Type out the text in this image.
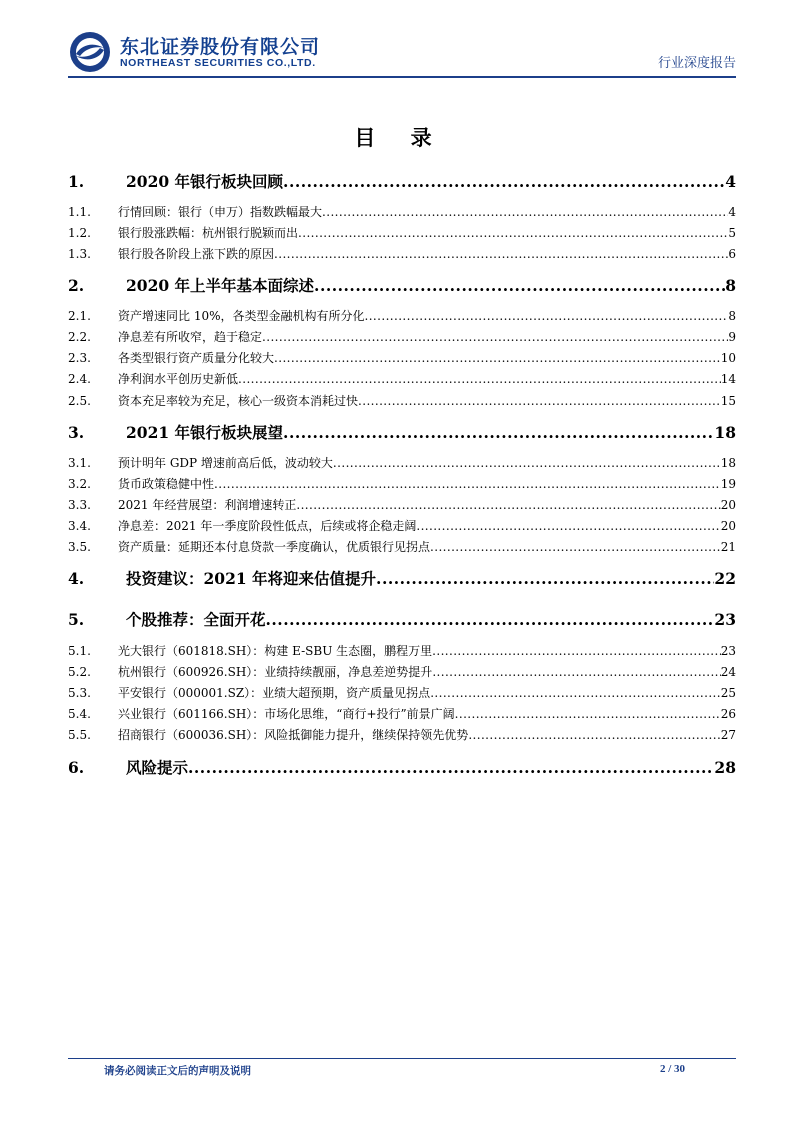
东北证券股份有限公司
NORTHEAST SECURITIES CO.,LTD.	行业深度报告
目 录
1.	2020 年银行板块回顾 .....	4
1.1.	行情回顾：银行（申万）指数跌幅最大 .....	4
1.2.	银行股涨跌幅：杭州银行脱颖而出 .....	5
1.3.	银行股各阶段上涨下跌的原因 .....	6
2.	2020 年上半年基本面综述 .....	8
2.1.	资产增速同比 10%，各类型金融机构有所分化 .....	8
2.2.	净息差有所收窄，趋于稳定 .....	9
2.3.	各类型银行资产质量分化较大 .....	10
2.4.	净利润水平创历史新低 .....	14
2.5.	资本充足率较为充足，核心一级资本消耗过快 .....	15
3.	2021 年银行板块展望 .....	18
3.1.	预计明年 GDP 增速前高后低，波动较大 .....	18
3.2.	货币政策稳健中性 .....	19
3.3.	2021 年经营展望：利润增速转正 .....	20
3.4.	净息差：2021 年一季度阶段性低点，后续或将企稳走阔 .....	20
3.5.	资产质量：延期还本付息贷款一季度确认，优质银行见拐点 .....	21
4.	投资建议：2021 年将迎来估值提升 .....	22
5.	个股推荐：全面开花 .....	23
5.1.	光大银行（601818.SH）：构建 E-SBU 生态圈，鹏程万里 .....	23
5.2.	杭州银行（600926.SH）：业绩持续靓丽，净息差逆势提升 .....	24
5.3.	平安银行（000001.SZ）：业绩大超预期，资产质量见拐点 .....	25
5.4.	兴业银行（601166.SH）：市场化思维，“商行+投行”前景广阔 .....	26
5.5.	招商银行（600036.SH）：风险抵御能力提升，继续保持领先优势 .....	27
6.	风险提示 .....	28
请务必阅读正文后的声明及说明	2 / 30
